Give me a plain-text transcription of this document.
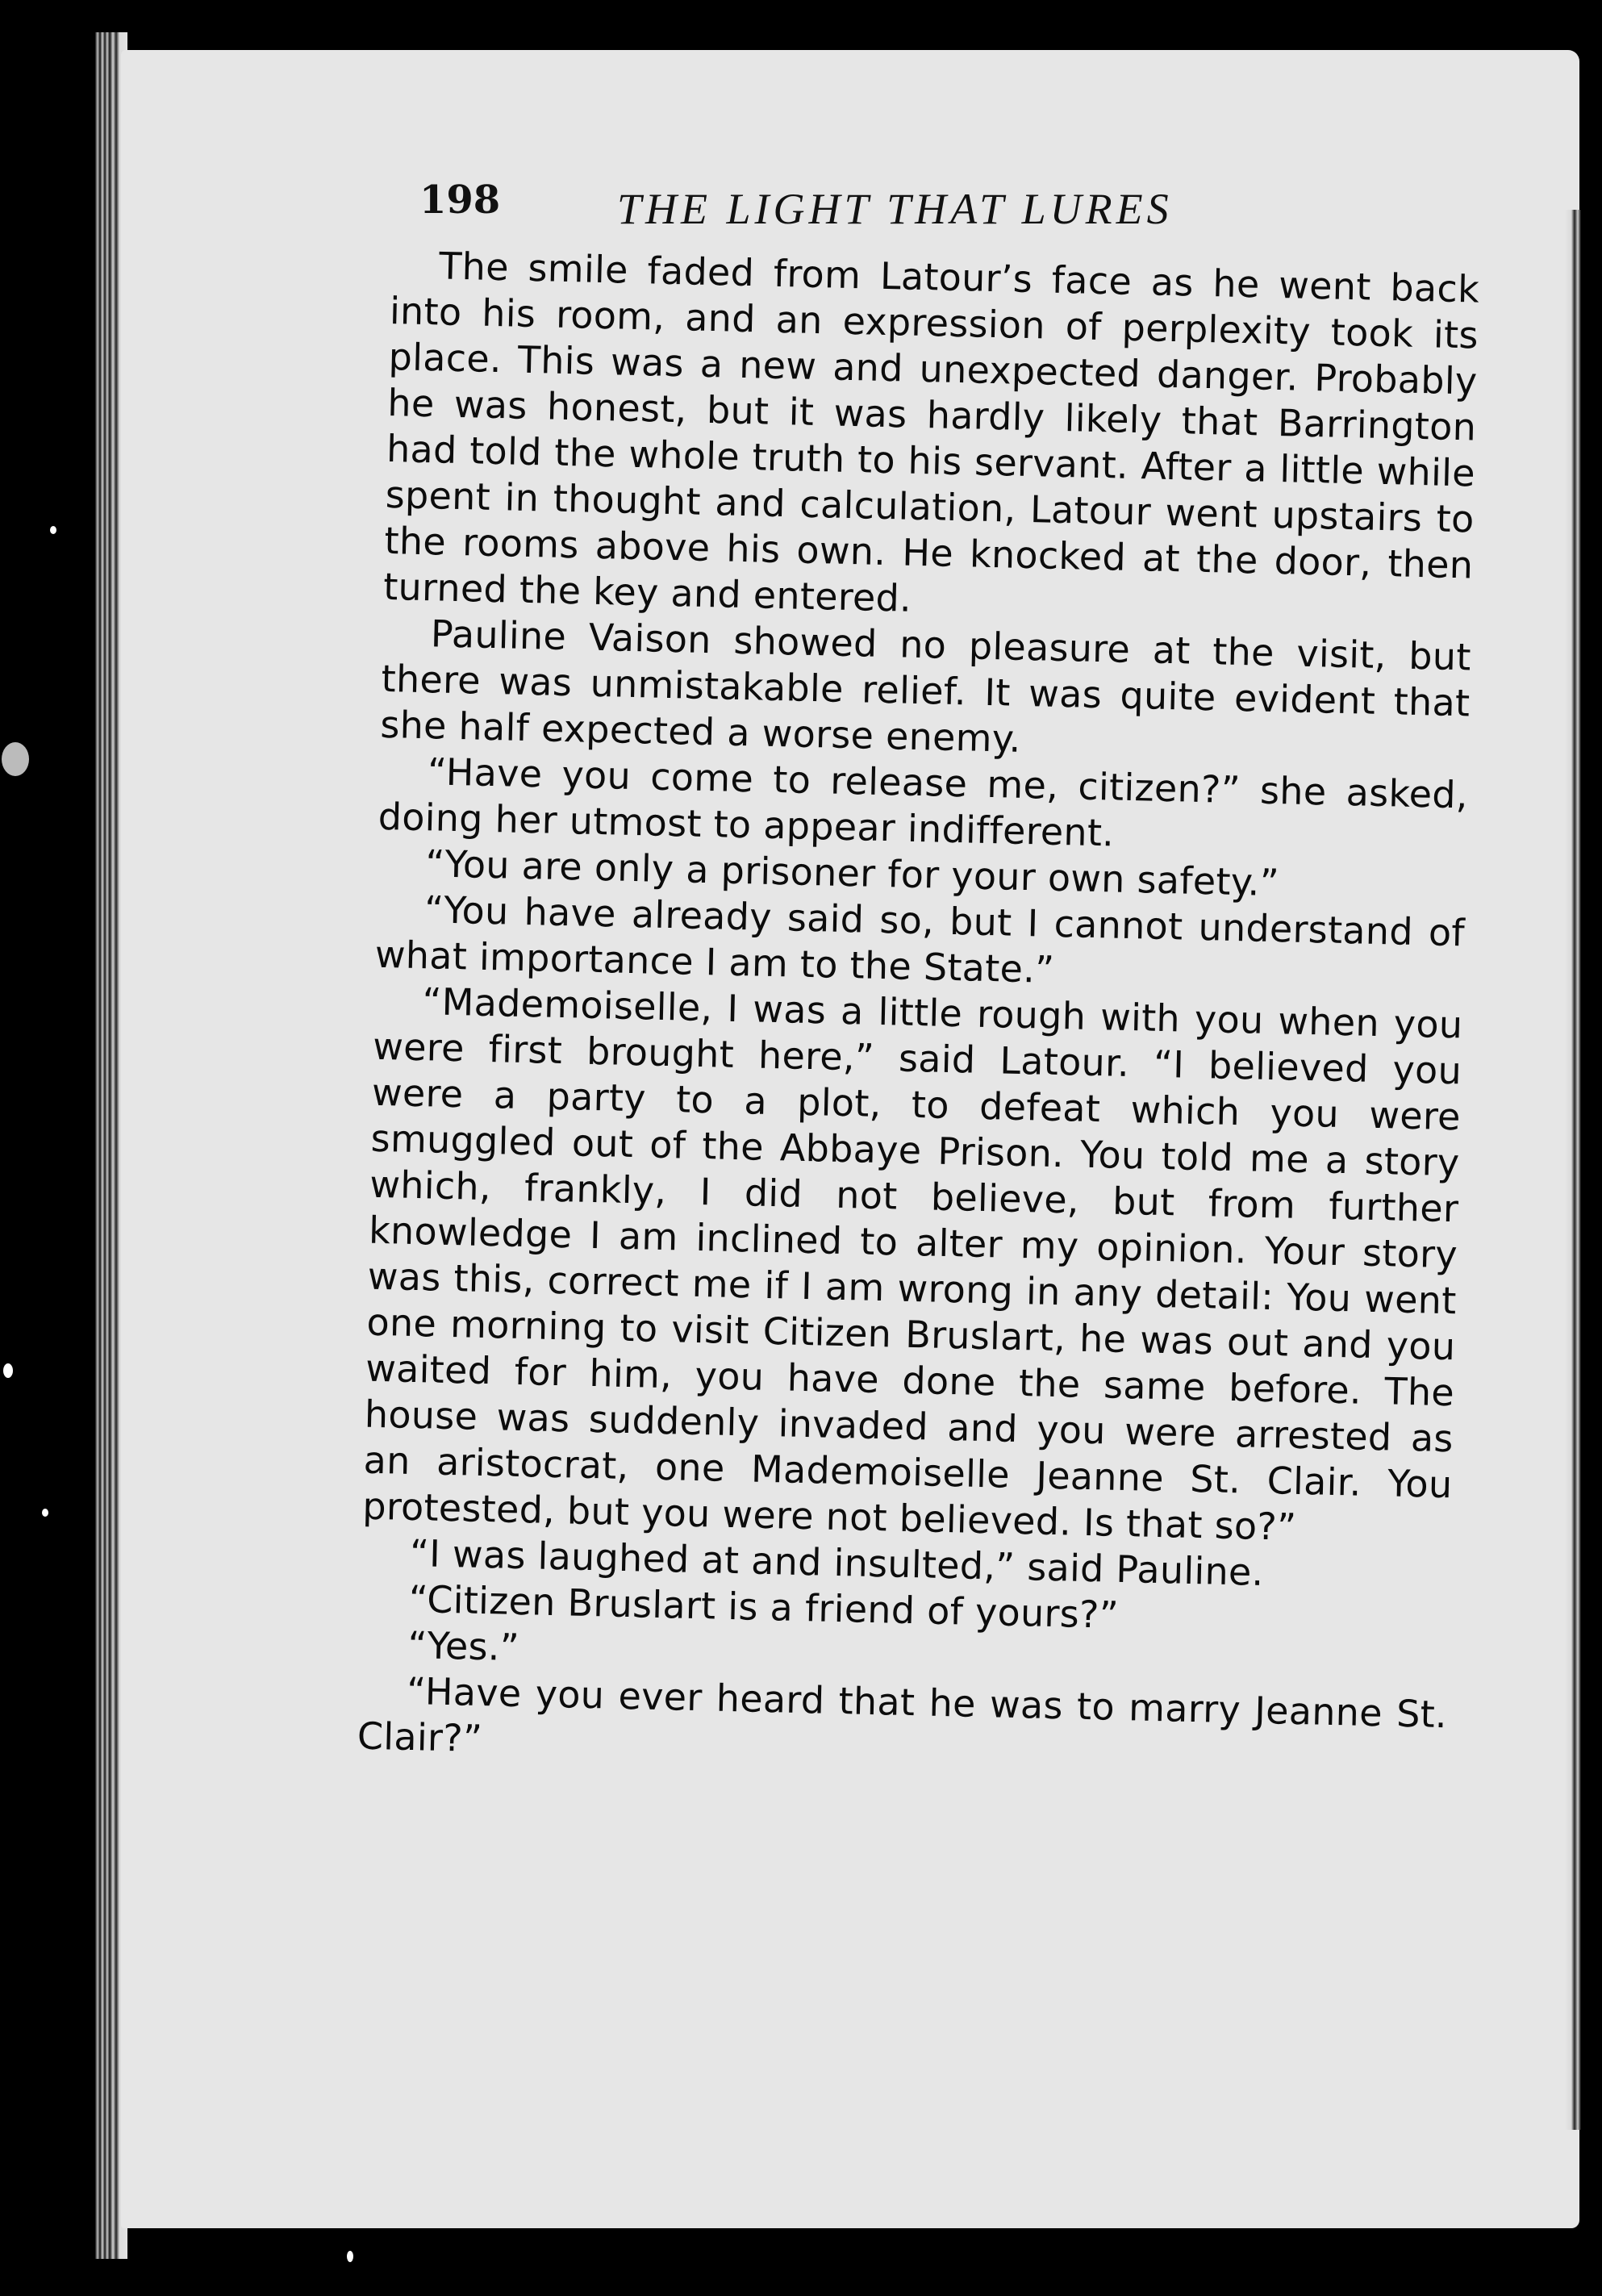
198	THE LIGHT THAT LURES

The smile faded from Latour’s face as he went back into his room, and an expression of perplexity took its place. This was a new and unexpected danger. Probably he was honest, but it was hardly likely that Barrington had told the whole truth to his servant. After a little while spent in thought and calculation, Latour went upstairs to the rooms above his own. He knocked at the door, then turned the key and entered.

Pauline Vaison showed no pleasure at the visit, but there was unmistakable relief. It was quite evident that she half expected a worse enemy.

“Have you come to release me, citizen?” she asked, doing her utmost to appear indifferent.

“You are only a prisoner for your own safety.”

“You have already said so, but I cannot understand of what importance I am to the State.”

“Mademoiselle, I was a little rough with you when you were first brought here,” said Latour. “I believed you were a party to a plot, to defeat which you were smuggled out of the Abbaye Prison. You told me a story which, frankly, I did not believe, but from further knowledge I am inclined to alter my opinion. Your story was this, correct me if I am wrong in any detail: You went one morning to visit Citizen Bruslart, he was out and you waited for him, you have done the same before. The house was suddenly invaded and you were arrested as an aristocrat, one Mademoiselle Jeanne St. Clair. You protested, but you were not believed. Is that so?”

“I was laughed at and insulted,” said Pauline.

“Citizen Bruslart is a friend of yours?”

“Yes.”

“Have you ever heard that he was to marry Jeanne St. Clair?”
